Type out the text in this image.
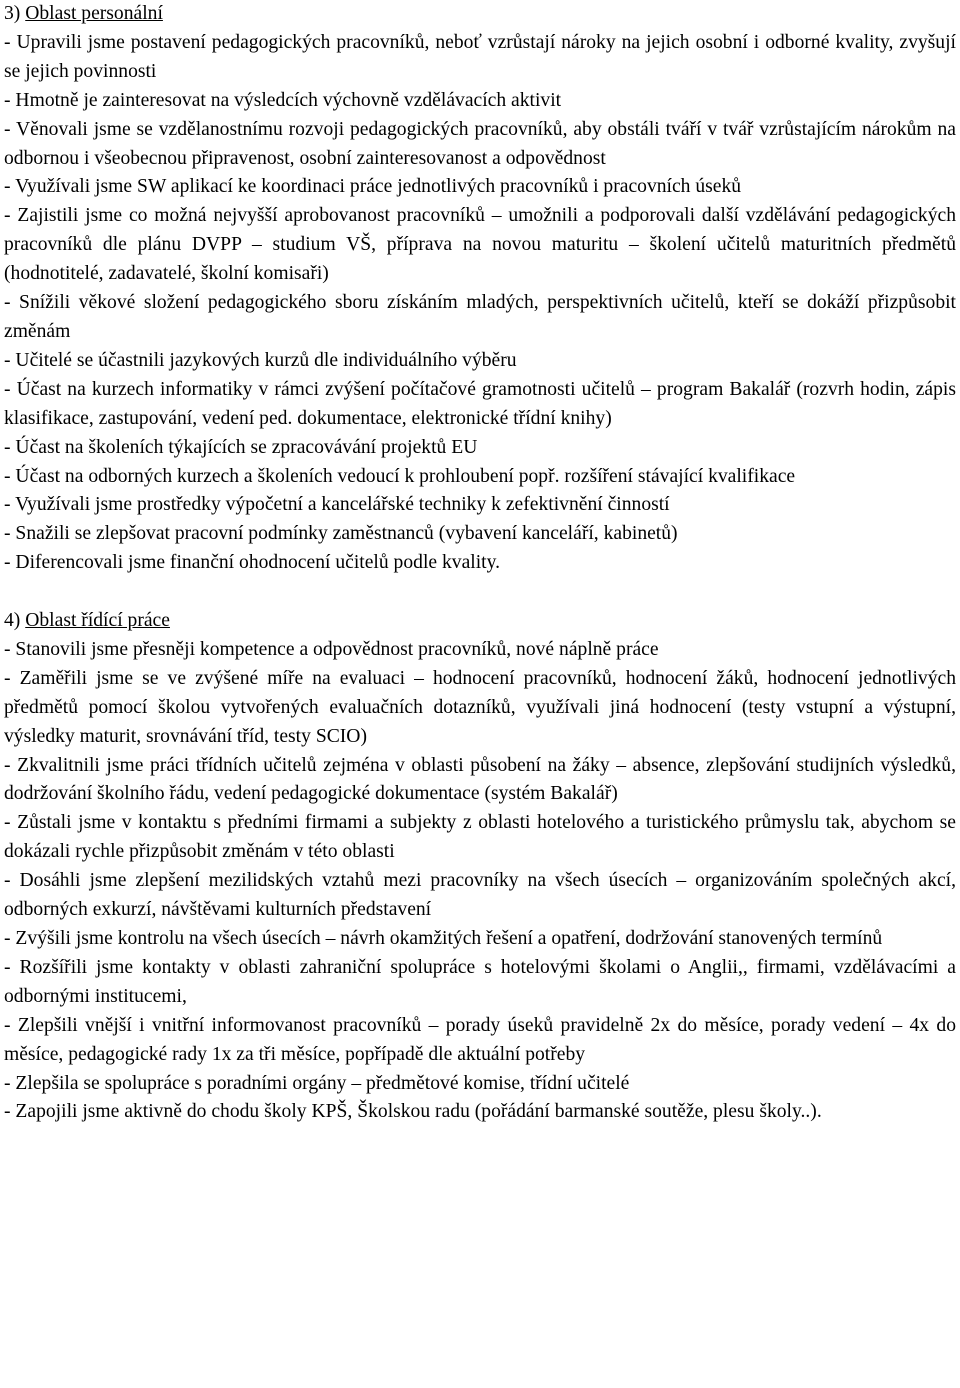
3) Oblast personální

- Upravili jsme postavení pedagogických pracovníků, neboť vzrůstají nároky na jejich osobní i odborné kvality, zvyšují se jejich povinnosti

- Hmotně je zainteresovat na výsledcích výchovně vzdělávacích aktivit

- Věnovali jsme se vzdělanostnímu rozvoji pedagogických pracovníků, aby obstáli tváří v tvář vzrůstajícím nárokům na odbornou i všeobecnou připravenost, osobní zainteresovanost a odpovědnost

- Využívali jsme SW aplikací ke koordinaci práce jednotlivých pracovníků i pracovních úseků

- Zajistili jsme co možná nejvyšší aprobovanost pracovníků – umožnili a podporovali další vzdělávání pedagogických pracovníků dle plánu DVPP – studium VŠ, příprava na novou maturitu – školení učitelů maturitních předmětů (hodnotitelé, zadavatelé, školní komisaři)

- Snížili věkové složení pedagogického sboru získáním mladých, perspektivních učitelů, kteří se dokáží přizpůsobit změnám

- Učitelé se účastnili jazykových kurzů dle individuálního výběru

- Účast na kurzech informatiky v rámci zvýšení počítačové gramotnosti učitelů – program Bakalář (rozvrh hodin, zápis klasifikace, zastupování, vedení ped. dokumentace, elektronické třídní knihy)

- Účast na školeních týkajících se zpracovávání projektů EU

- Účast na odborných kurzech a školeních vedoucí k prohloubení popř. rozšíření stávající kvalifikace

- Využívali jsme prostředky výpočetní a kancelářské techniky k zefektivnění činností

- Snažili se zlepšovat pracovní podmínky zaměstnanců (vybavení kanceláří, kabinetů)

- Diferencovali jsme finanční ohodnocení učitelů podle kvality.

4) Oblast řídící práce

- Stanovili jsme přesněji kompetence a odpovědnost pracovníků, nové náplně práce

- Zaměřili jsme se ve zvýšené míře na evaluaci – hodnocení pracovníků, hodnocení žáků, hodnocení jednotlivých předmětů pomocí školou vytvořených evaluačních dotazníků, využívali jiná hodnocení (testy vstupní a výstupní, výsledky maturit, srovnávání tříd, testy SCIO)

- Zkvalitnili jsme práci třídních učitelů zejména v oblasti působení na žáky – absence, zlepšování studijních výsledků, dodržování školního řádu, vedení pedagogické dokumentace (systém Bakalář)

- Zůstali jsme v kontaktu s předními firmami a subjekty z oblasti hotelového a turistického průmyslu tak, abychom se dokázali rychle přizpůsobit změnám v této oblasti

- Dosáhli jsme zlepšení mezilidských vztahů mezi pracovníky na všech úsecích – organizováním společných akcí, odborných exkurzí, návštěvami kulturních představení

- Zvýšili jsme kontrolu na všech úsecích – návrh okamžitých řešení a opatření, dodržování stanovených termínů

- Rozšířili jsme kontakty v oblasti zahraniční spolupráce s hotelovými školami o Anglii,, firmami, vzdělávacími a odbornými institucemi,

- Zlepšili vnější i vnitřní informovanost pracovníků – porady úseků pravidelně 2x do měsíce, porady vedení – 4x do měsíce, pedagogické rady 1x za tři měsíce, popřípadě dle aktuální potřeby

- Zlepšila se spolupráce s poradními orgány – předmětové komise, třídní učitelé

- Zapojili jsme aktivně do chodu školy KPŠ, Školskou radu (pořádání barmanské soutěže, plesu školy..).
